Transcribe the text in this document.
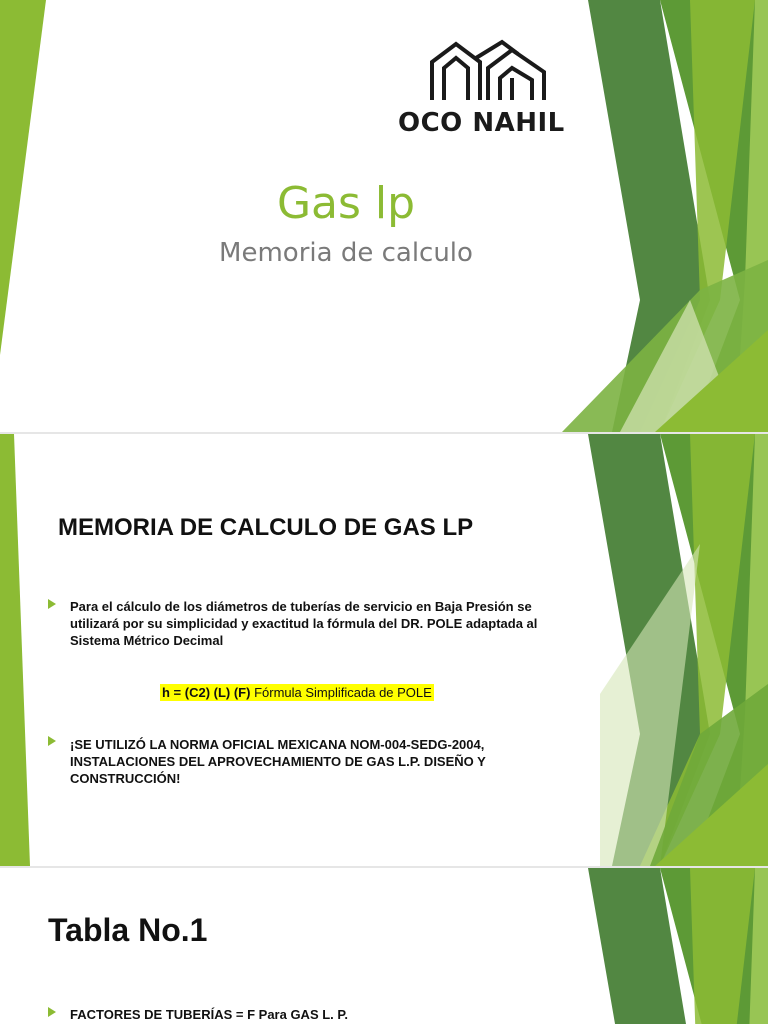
OCO NAHIL
Gas lp
Memoria de calculo
MEMORIA DE CALCULO DE GAS LP
Para el cálculo de los diámetros de tuberías de servicio en Baja Presión se utilizará por su simplicidad y exactitud la fórmula del DR. POLE adaptada al Sistema Métrico Decimal
h = (C2) (L) (F) Fórmula Simplificada de POLE
¡SE UTILIZÓ LA NORMA OFICIAL MEXICANA NOM-004-SEDG-2004, INSTALACIONES DEL APROVECHAMIENTO DE GAS L.P. DISEÑO Y CONSTRUCCIÓN!
Tabla No.1
FACTORES DE TUBERÍAS = F Para GAS L. P.
